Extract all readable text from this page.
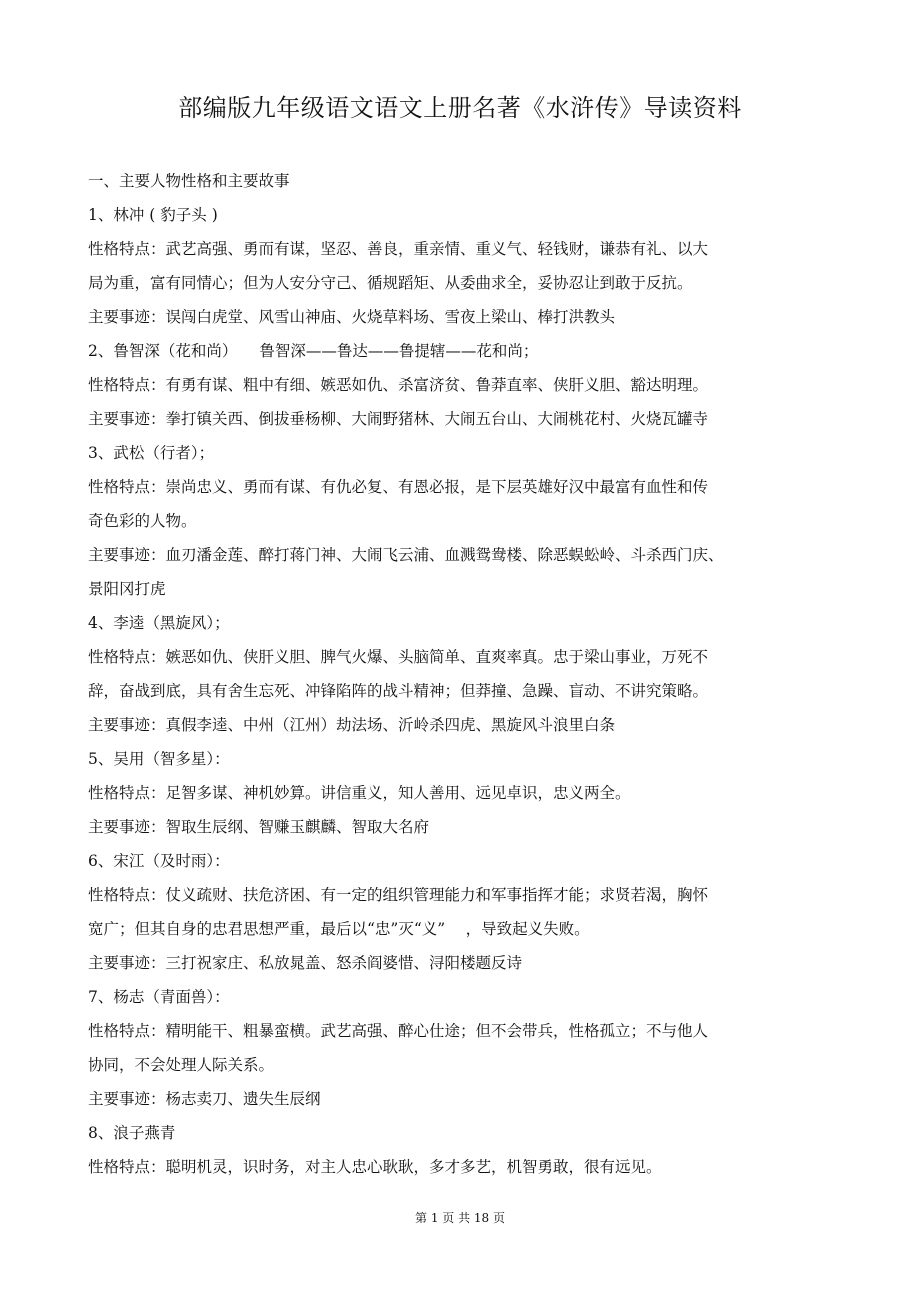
部编版九年级语文语文上册名著《水浒传》导读资料
一、主要人物性格和主要故事
1、林冲 ( 豹子头 )
性格特点：武艺高强、勇而有谋，坚忍、善良，重亲情、重义气、轻钱财，谦恭有礼、以大
局为重，富有同情心；但为人安分守己、循规蹈矩、从委曲求全，妥协忍让到敢于反抗。
主要事迹：误闯白虎堂、风雪山神庙、火烧草料场、雪夜上梁山、棒打洪教头
2、鲁智深（花和尚） 鲁智深——鲁达——鲁提辖——花和尚；
性格特点：有勇有谋、粗中有细、嫉恶如仇、杀富济贫、鲁莽直率、侠肝义胆、豁达明理。
主要事迹：拳打镇关西、倒拔垂杨柳、大闹野猪林、大闹五台山、大闹桃花村、火烧瓦罐寺
3、武松（行者）；
性格特点：崇尚忠义、勇而有谋、有仇必复、有恩必报，是下层英雄好汉中最富有血性和传
奇色彩的人物。
主要事迹：血刃潘金莲、醉打蒋门神、大闹飞云浦、血溅鸳鸯楼、除恶蜈蚣岭、斗杀西门庆、
景阳冈打虎
4、李逵（黑旋风）；
性格特点：嫉恶如仇、侠肝义胆、脾气火爆、头脑简单、直爽率真。忠于梁山事业，万死不
辞，奋战到底，具有舍生忘死、冲锋陷阵的战斗精神；但莽撞、急躁、盲动、不讲究策略。
主要事迹：真假李逵、中州（江州）劫法场、沂岭杀四虎、黑旋风斗浪里白条
5、吴用（智多星）：
性格特点：足智多谋、神机妙算。讲信重义，知人善用、远见卓识，忠义两全。
主要事迹：智取生辰纲、智赚玉麒麟、智取大名府
6、宋江（及时雨）：
性格特点：仗义疏财、扶危济困、有一定的组织管理能力和军事指挥才能；求贤若渴，胸怀
宽广；但其自身的忠君思想严重，最后以“忠”灭“义”　 ，导致起义失败。
主要事迹：三打祝家庄、私放晁盖、怒杀阎婆惜、浔阳楼题反诗
7、杨志（青面兽）：
性格特点：精明能干、粗暴蛮横。武艺高强、醉心仕途；但不会带兵，性格孤立；不与他人
协同，不会处理人际关系。
主要事迹：杨志卖刀、遗失生辰纲
8、浪子燕青
性格特点：聪明机灵，识时务，对主人忠心耿耿，多才多艺，机智勇敢，很有远见。
第 1 页 共 18 页
